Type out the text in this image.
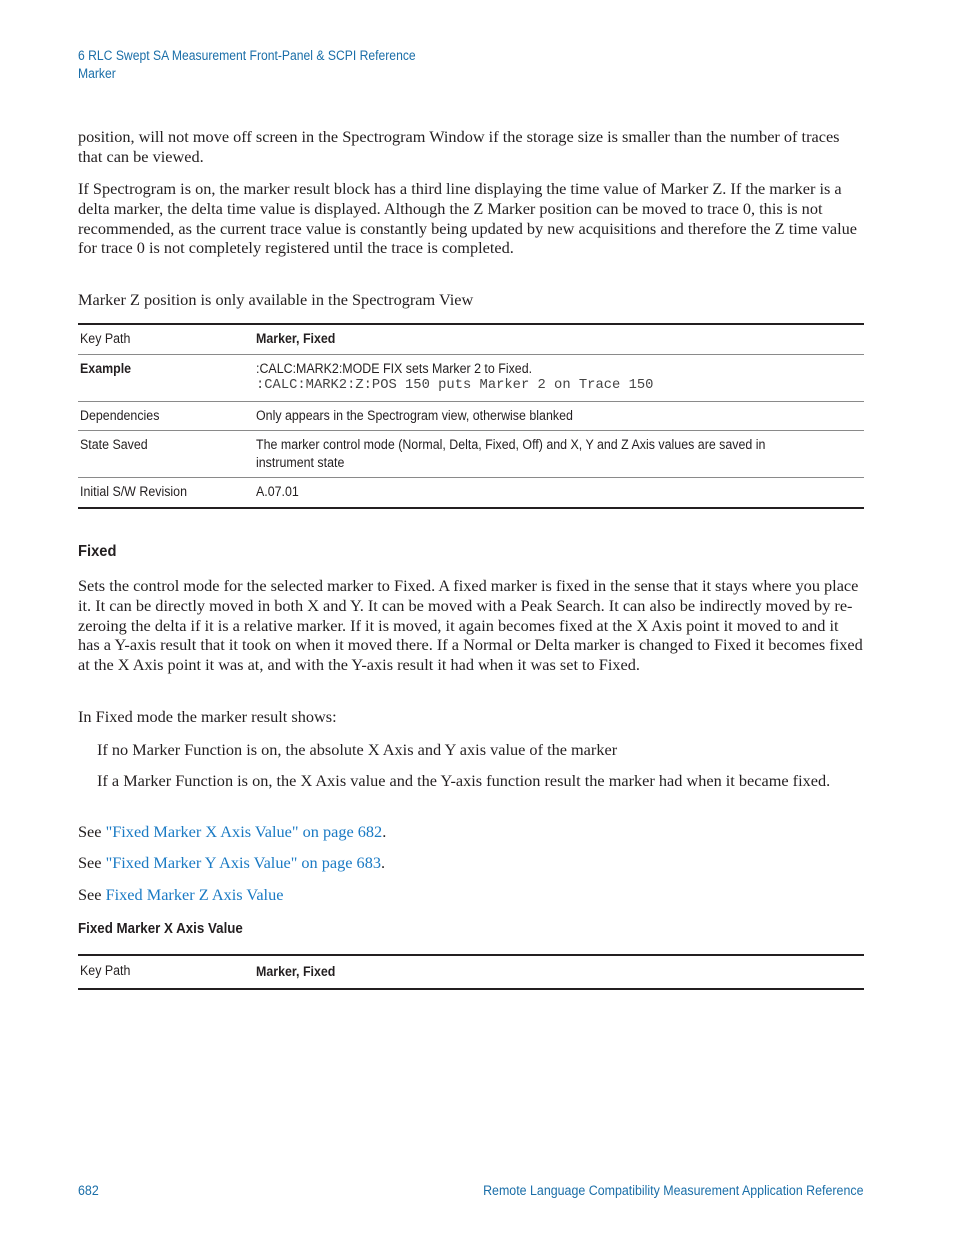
6 RLC Swept SA Measurement Front-Panel & SCPI Reference
Marker

position, will not move off screen in the Spectrogram Window if the storage size is smaller than the number of traces that can be viewed.

If Spectrogram is on, the marker result block has a third line displaying the time value of Marker Z. If the marker is a delta marker, the delta time value is displayed. Although the Z Marker position can be moved to trace 0, this is not recommended, as the current trace value is constantly being updated by new acquisitions and therefore the Z time value for trace 0 is not completely registered until the trace is completed.

Marker Z position is only available in the Spectrogram View

Key Path	Marker, Fixed
Example	:CALC:MARK2:MODE FIX sets Marker 2 to Fixed.
:CALC:MARK2:Z:POS 150 puts Marker 2 on Trace 150

Dependencies	Only appears in the Spectrogram view, otherwise blanked
State Saved	The marker control mode (Normal, Delta, Fixed, Off) and X, Y and Z Axis values are saved in instrument state

Initial S/W Revision	A.07.01
Fixed

Sets the control mode for the selected marker to Fixed. A fixed marker is fixed in the sense that it stays where you place it. It can be directly moved in both X and Y. It can be moved with a Peak Search. It can also be indirectly moved by re-zeroing the delta if it is a relative marker. If it is moved, it again becomes fixed at the X Axis point it moved to and it has a Y-axis result that it took on when it moved there. If a Normal or Delta marker is changed to Fixed it becomes fixed at the X Axis point it was at, and with the Y-axis result it had when it was set to Fixed.

In Fixed mode the marker result shows:

If no Marker Function is on, the absolute X Axis and Y axis value of the marker

If a Marker Function is on, the X Axis value and the Y-axis function result the marker had when it became fixed.

See "Fixed Marker X Axis Value" on page 682.

See "Fixed Marker Y Axis Value" on page 683.

See Fixed Marker Z Axis Value

Fixed Marker X Axis Value
Key Path	Marker, Fixed
682	Remote Language Compatibility Measurement Application Reference
